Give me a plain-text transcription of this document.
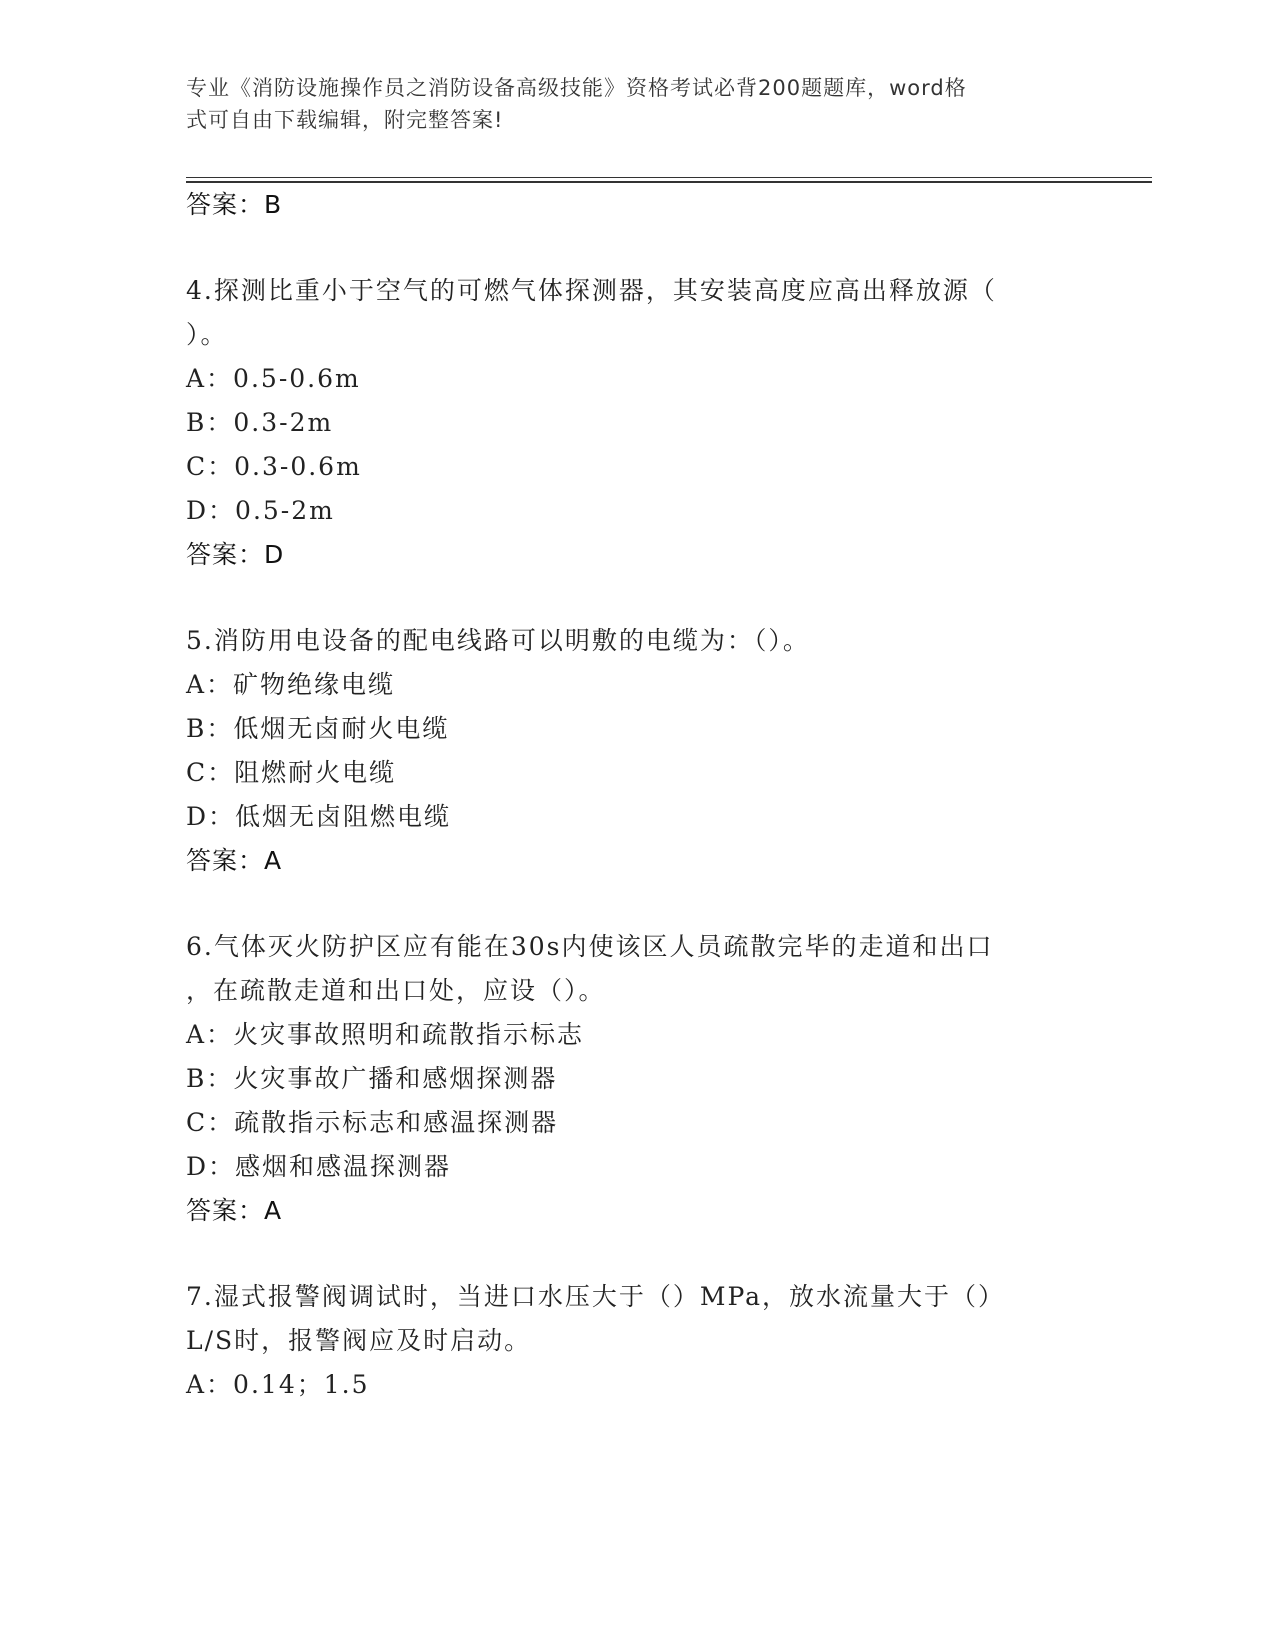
专业《消防设施操作员之消防设备高级技能》资格考试必背200题题库，word格
式可自由下载编辑，附完整答案!
答案：B
4.探测比重小于空气的可燃气体探测器，其安装高度应高出释放源（
）。
A：0.5-0.6m
B：0.3-2m
C：0.3-0.6m
D：0.5-2m
答案：D
5.消防用电设备的配电线路可以明敷的电缆为：（）。
A：矿物绝缘电缆
B：低烟无卤耐火电缆
C：阻燃耐火电缆
D：低烟无卤阻燃电缆
答案：A
6.气体灭火防护区应有能在30s内使该区人员疏散完毕的走道和出口
，在疏散走道和出口处，应设（）。
A：火灾事故照明和疏散指示标志
B：火灾事故广播和感烟探测器
C：疏散指示标志和感温探测器
D：感烟和感温探测器
答案：A
7.湿式报警阀调试时，当进口水压大于（）MPa，放水流量大于（）
L/S时，报警阀应及时启动。
A：0.14；1.5
